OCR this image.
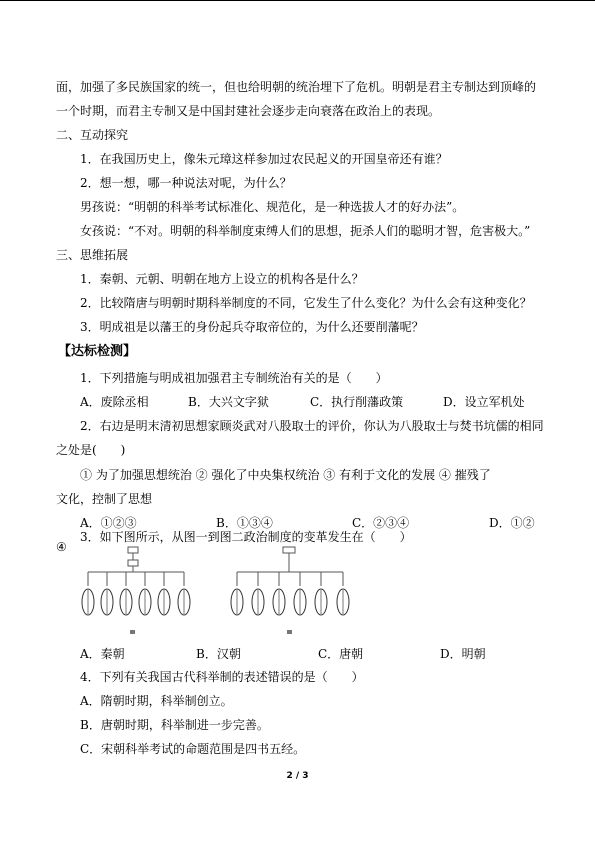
面，加强了多民族国家的统一，但也给明朝的统治埋下了危机。明朝是君主专制达到顶峰的
一个时期，而君主专制又是中国封建社会逐步走向衰落在政治上的表现。
二、互动探究
1．在我国历史上，像朱元璋这样参加过农民起义的开国皇帝还有谁？
2．想一想，哪一种说法对呢，为什么？
男孩说：“明朝的科举考试标准化、规范化，是一种选拔人才的好办法”。
女孩说：“不对。明朝的科举制度束缚人们的思想，扼杀人们的聪明才智，危害极大。”
三、思维拓展
1．秦朝、元朝、明朝在地方上设立的机构各是什么？
2．比较隋唐与明朝时期科举制度的不同，它发生了什么变化？为什么会有这种变化？
3．明成祖是以藩王的身份起兵夺取帝位的，为什么还要削藩呢？
【达标检测】
1．下列措施与明成祖加强君主专制统治有关的是（　　）
A．废除丞相	B．大兴文字狱	C．执行削藩政策	D．设立军机处
2．右边是明末清初思想家顾炎武对八股取士的评价，你认为八股取士与焚书坑儒的相同
之处是(　　)
① 为了加强思想统治 ② 强化了中央集权统治 ③ 有利于文化的发展 ④ 摧残了
文化，控制了思想
A．①②③	B．①③④	C．②③④	D．①②
④
3．如下图所示，从图一到图二政治制度的变革发生在（　　）
A．秦朝	B．汉朝	C．唐朝	D．明朝
4．下列有关我国古代科举制的表述错误的是（　　）
A．隋朝时期，科举制创立。
B．唐朝时期，科举制进一步完善。
C．宋朝科举考试的命题范围是四书五经。
2 / 3
